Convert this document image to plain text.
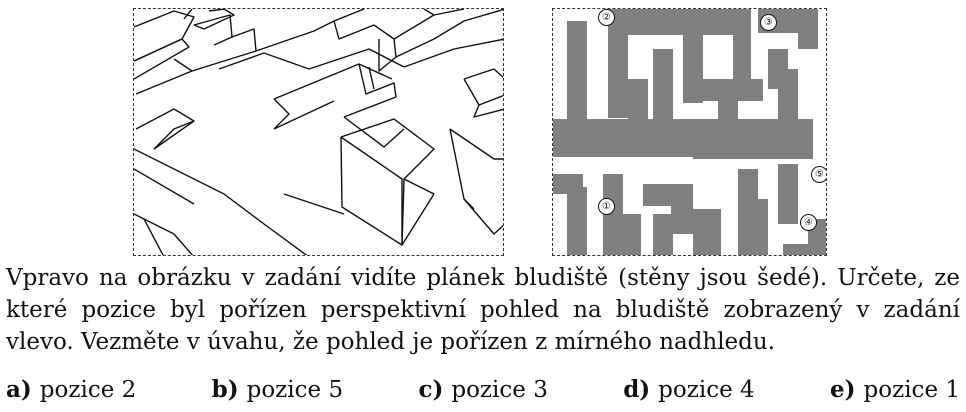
②	③
⑤
①
④

Vpravo na obrázku v zadání vidíte plánek bludiště (stěny jsou šedé). Určete, ze které pozice byl pořízen perspektivní pohled na bludiště zobrazený v zadání vlevo. Vezměte v úvahu, že pohled je pořízen z mírného nadhledu.

a) pozice 2	b) pozice 5	c) pozice 3	d) pozice 4	e) pozice 1
